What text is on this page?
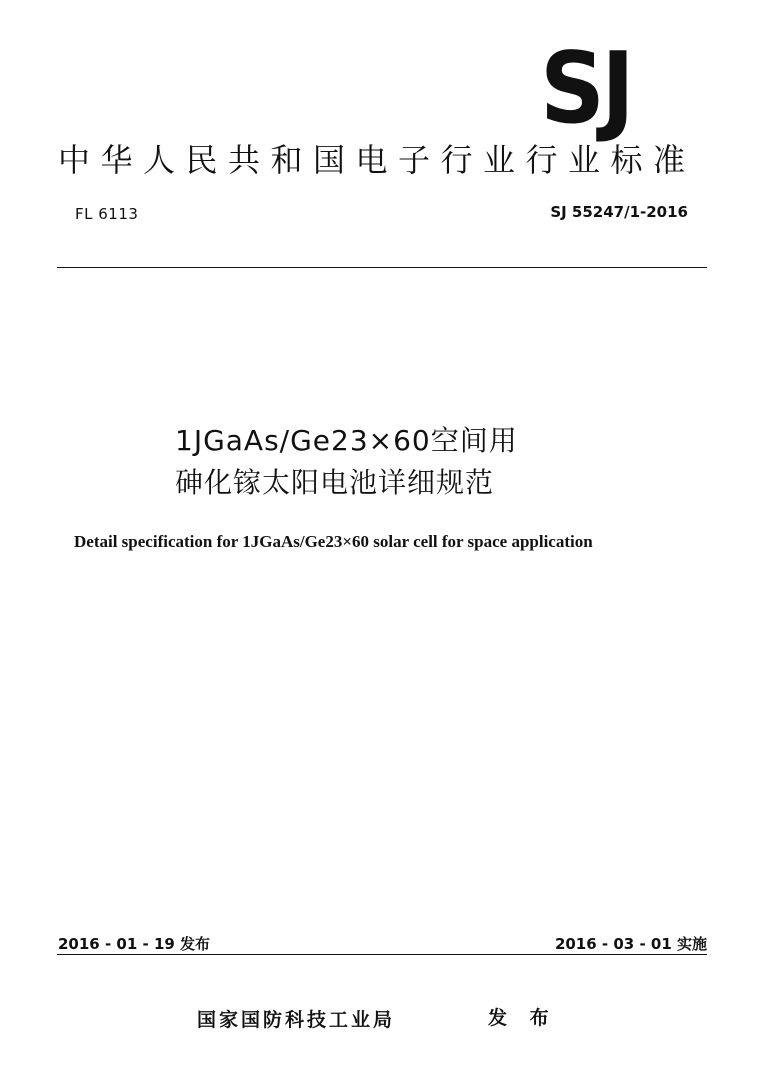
SJ
中华人民共和国电子行业行业标准
FL 6113	SJ 55247/1-2016
1JGaAs/Ge23×60空间用
砷化镓太阳电池详细规范
Detail specification for 1JGaAs/Ge23×60 solar cell for space application
2016 - 01 - 19 发布	2016 - 03 - 01 实施
国家国防科技工业局	发 布
